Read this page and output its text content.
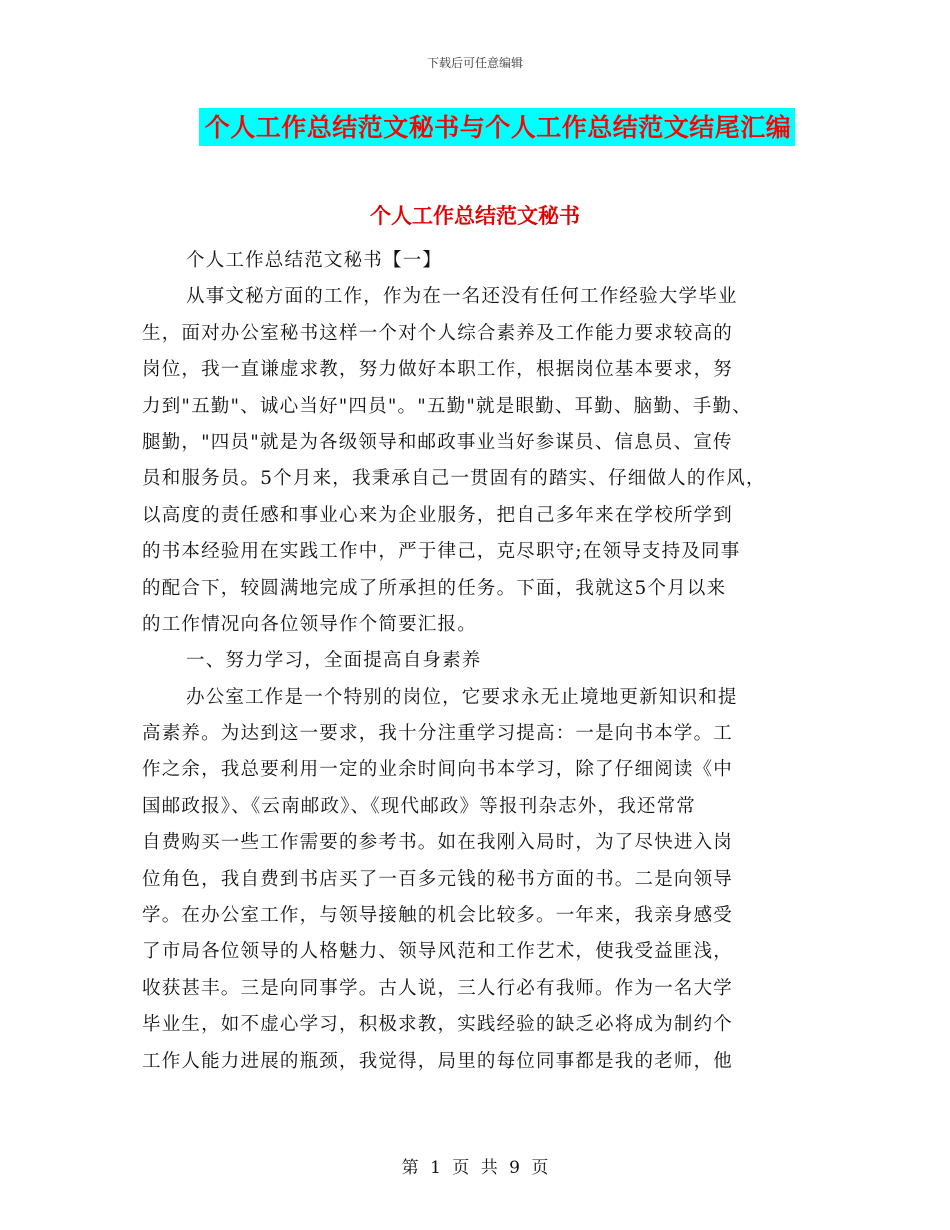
下载后可任意编辑
个人工作总结范文秘书与个人工作总结范文结尾汇编
个人工作总结范文秘书
个人工作总结范文秘书【一】
从事文秘方面的工作，作为在一名还没有任何工作经验大学毕业
生，面对办公室秘书这样一个对个人综合素养及工作能力要求较高的
岗位，我一直谦虚求教，努力做好本职工作，根据岗位基本要求，努
力到"五勤"、诚心当好"四员"。"五勤"就是眼勤、耳勤、脑勤、手勤、
腿勤，"四员"就是为各级领导和邮政事业当好参谋员、信息员、宣传
员和服务员。5个月来，我秉承自己一贯固有的踏实、仔细做人的作风，
以高度的责任感和事业心来为企业服务，把自己多年来在学校所学到
的书本经验用在实践工作中，严于律己，克尽职守;在领导支持及同事
的配合下，较圆满地完成了所承担的任务。下面，我就这5个月以来
的工作情况向各位领导作个简要汇报。
一、努力学习，全面提高自身素养
办公室工作是一个特别的岗位，它要求永无止境地更新知识和提
高素养。为达到这一要求，我十分注重学习提高：一是向书本学。工
作之余，我总要利用一定的业余时间向书本学习，除了仔细阅读《中
国邮政报》、《云南邮政》、《现代邮政》等报刊杂志外，我还常常
自费购买一些工作需要的参考书。如在我刚入局时，为了尽快进入岗
位角色，我自费到书店买了一百多元钱的秘书方面的书。二是向领导
学。在办公室工作，与领导接触的机会比较多。一年来，我亲身感受
了市局各位领导的人格魅力、领导风范和工作艺术，使我受益匪浅，
收获甚丰。三是向同事学。古人说，三人行必有我师。作为一名大学
毕业生，如不虚心学习，积极求教，实践经验的缺乏必将成为制约个
工作人能力进展的瓶颈，我觉得，局里的每位同事都是我的老师，他
第 1 页 共 9 页
